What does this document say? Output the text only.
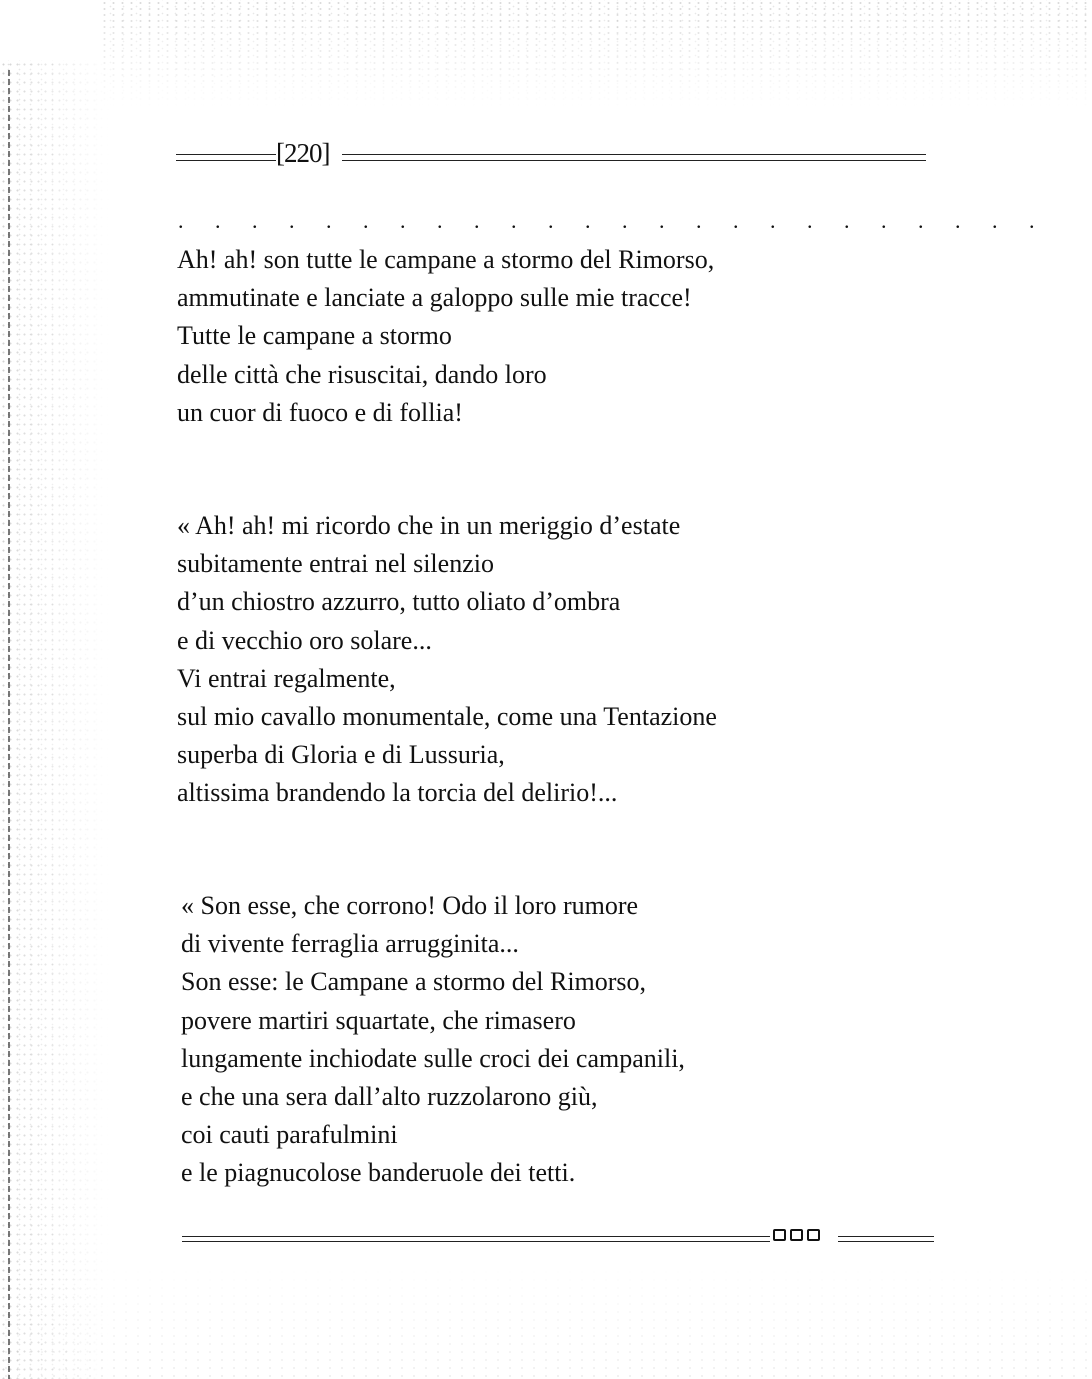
[220]
. . . . . . . . . . . . . . . . . . . . . . . .
Ah! ah! son tutte le campane a stormo del Rimorso,
ammutinate e lanciate a galoppo sulle mie tracce!
Tutte le campane a stormo
delle città che risuscitai, dando loro
un cuor di fuoco e di follia!
« Ah! ah! mi ricordo che in un meriggio d’estate
subitamente entrai nel silenzio
d’un chiostro azzurro, tutto oliato d’ombra
e di vecchio oro solare...
Vi entrai regalmente,
sul mio cavallo monumentale, come una Tentazione
superba di Gloria e di Lussuria,
altissima brandendo la torcia del delirio!...
« Son esse, che corrono! Odo il loro rumore
di vivente ferraglia arrugginita...
Son esse: le Campane a stormo del Rimorso,
povere martiri squartate, che rimasero
lungamente inchiodate sulle croci dei campanili,
e che una sera dall’alto ruzzolarono giù,
coi cauti parafulmini
e le piagnucolose banderuole dei tetti.
